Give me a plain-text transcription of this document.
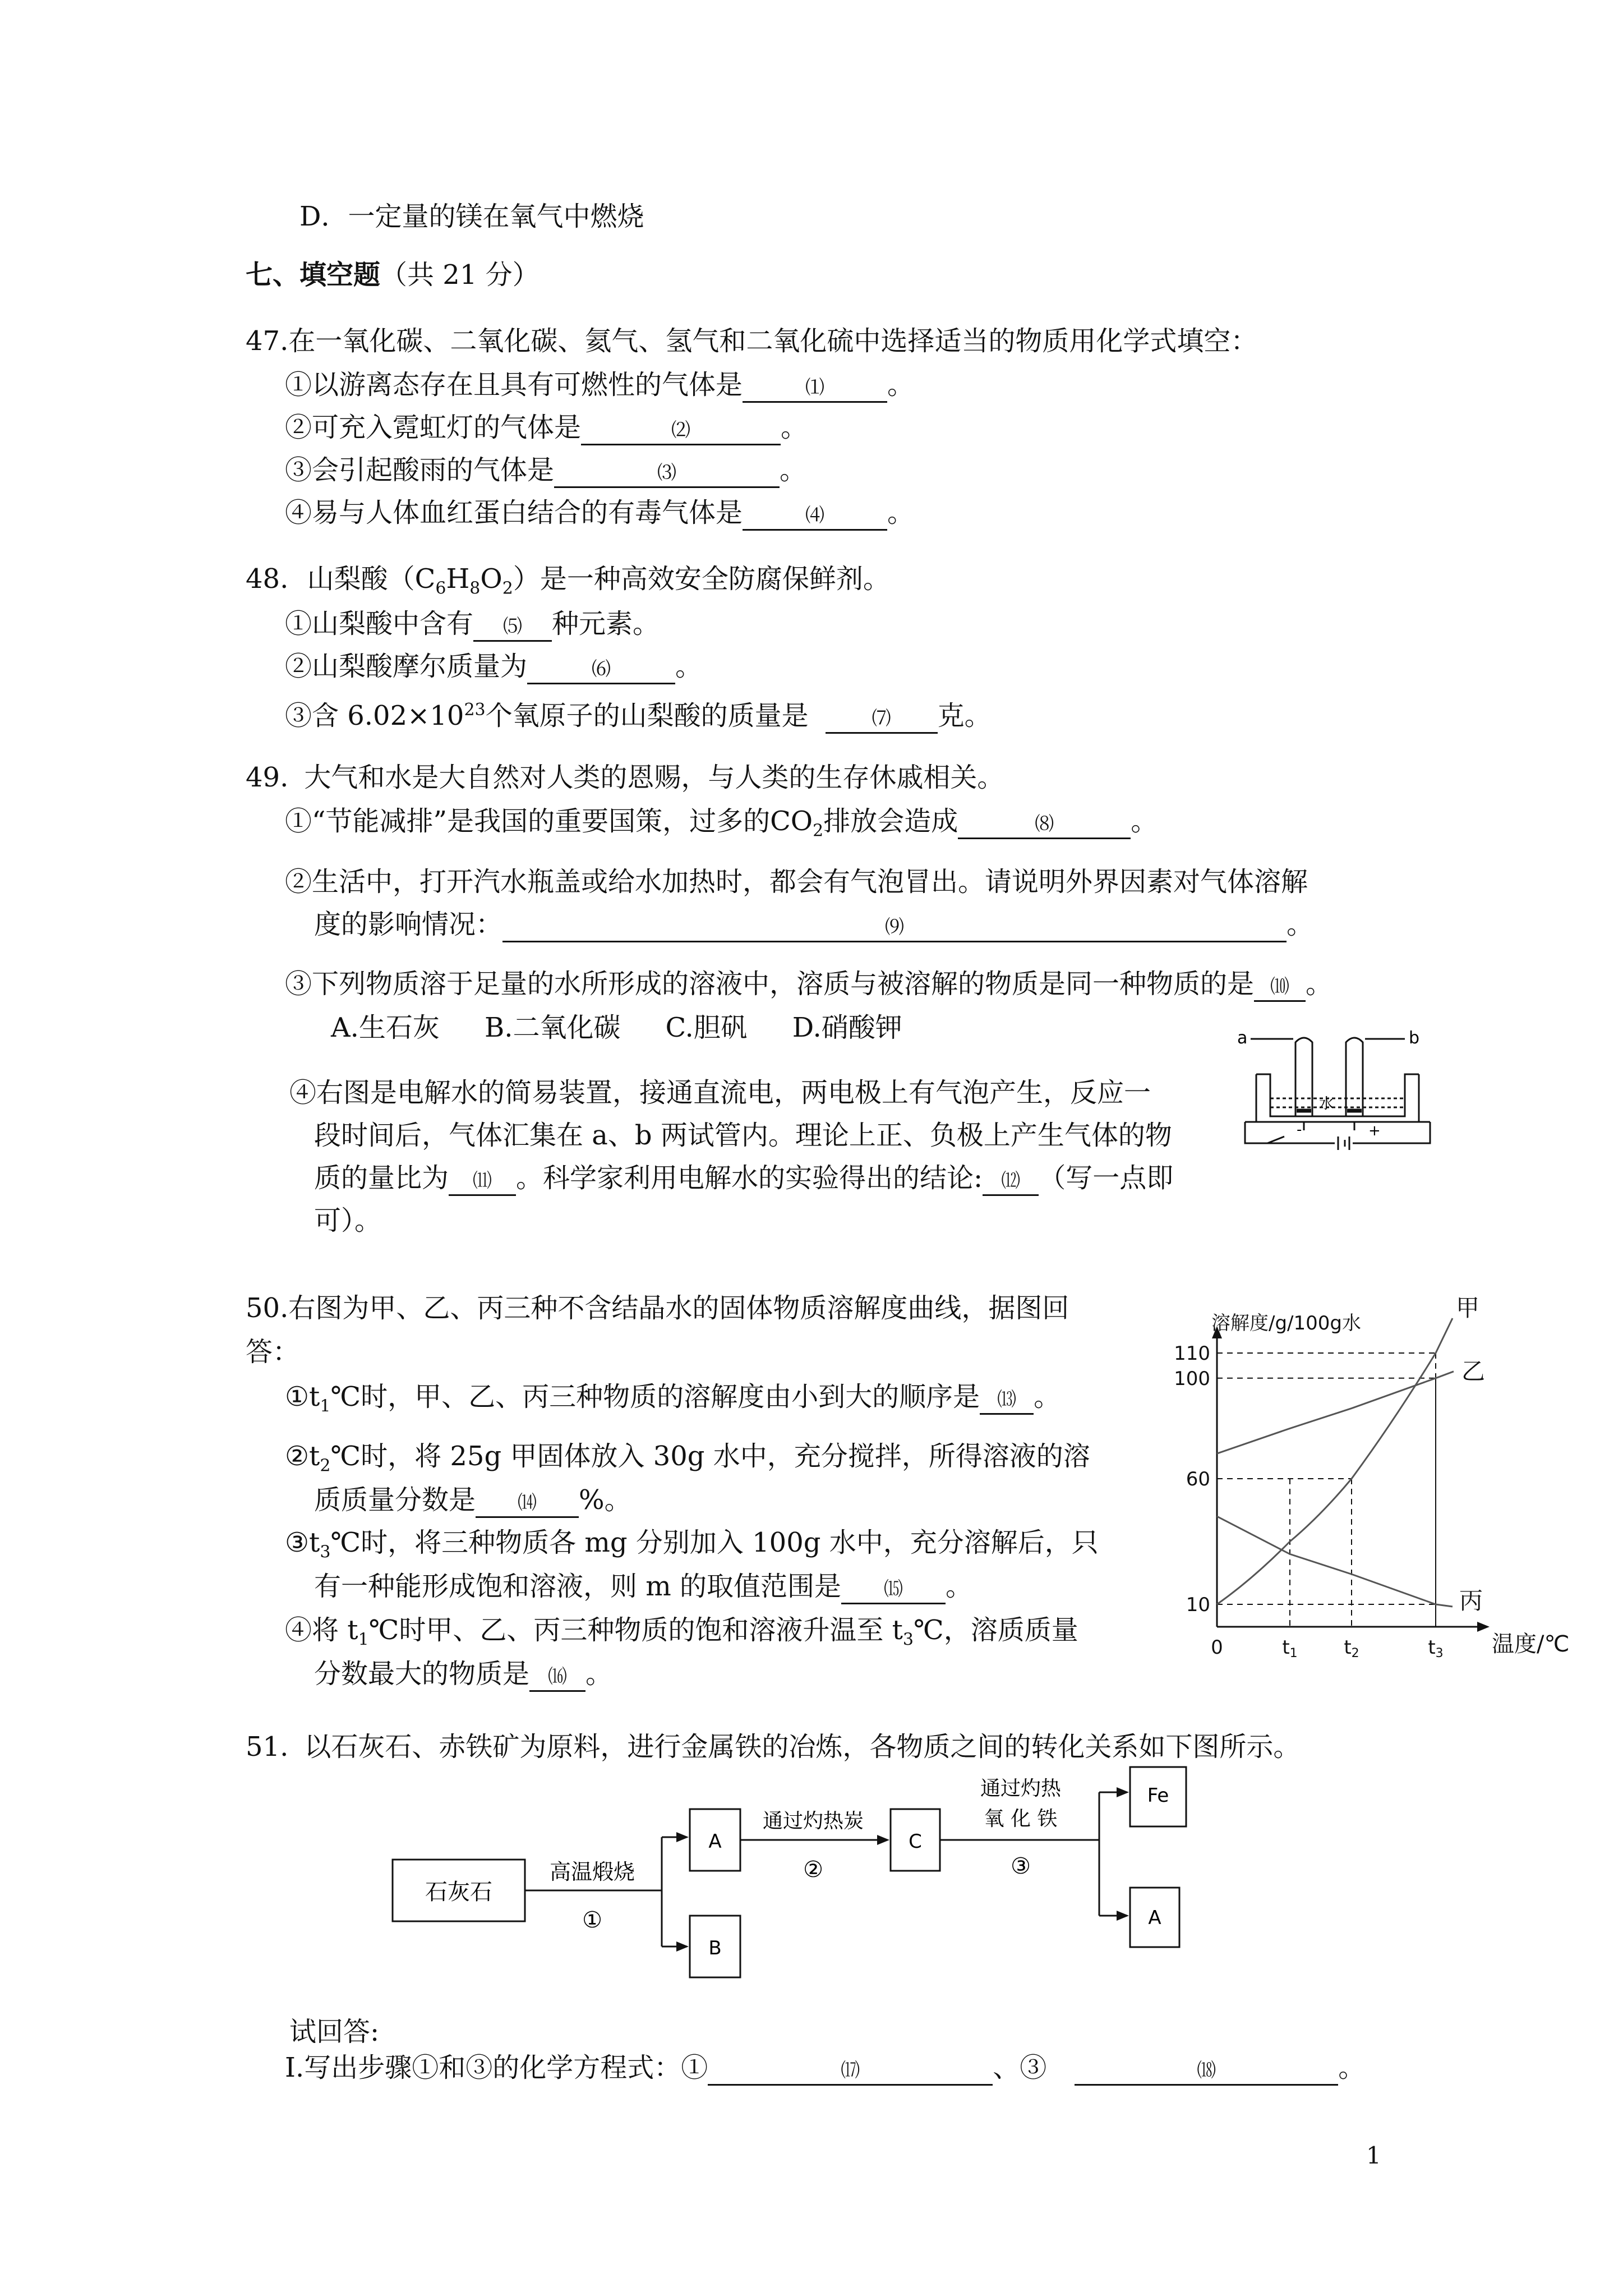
D．一定量的镁在氧气中燃烧
七、填空题（共 21 分）
47.在一氧化碳、二氧化碳、氦气、氢气和二氧化硫中选择适当的物质用化学式填空：
①以游离态存在且具有可燃性的气体是	⑴ 。
②可充入霓虹灯的气体是	⑵	。
③会引起酸雨的气体是	⑶	。
④易与人体血红蛋白结合的有毒气体是	⑷ 。
48. 山梨酸$(C_6H_8O_2)$是一种高效安全防腐保鲜剂。
①山梨酸中含有 ⑸ 种元素。
②山梨酸摩尔质量为	⑹ 。
③含 $6.02\times 10^{23}$个氧原子的山梨酸的质量是	⑺ 克。
49. 大气和水是大自然对人类的恩赐，与人类的生存休戚相关。
①“节能减排”是我国的重要国策，过多的$CO_2$排放会造成	⑻	。
②生活中，打开汽水瓶盖或给水加热时，都会有气泡冒出。请说明外界因素对气体溶解
度的影响情况：	⑼	。
③下列物质溶于足量的水所形成的溶液中，溶质与被溶解的物质是同一种物质的是 ⑽ 。
A.生石灰 B.二氧化碳 C.胆矾 D.硝酸钾
④右图是电解水的简易装置，接通直流电，两电极上有气泡产生，反应一
段时间后，气体汇集在 a、b 两试管内。理论上正、负极上产生气体的物
质的量比为 ⑾ 。科学家利用电解水的实验得出的结论: ⑿ （写一点即
可）。
a	b
水
-	+
50.右图为甲、乙、丙三种不含结晶水的固体物质溶解度曲线，据图回
答：
$①t_1℃$时，甲、乙、丙三种物质的溶解度由小到大的顺序是 ⒀ 。
$②t_2℃$时，将 25g 甲固体放入 30g 水中，充分搅拌，所得溶液的溶
质质量分数是 ⒁ %。
$③t_3℃$时，将三种物质各 mg 分别加入 100g 水中，充分溶解后，只
有一种能形成饱和溶液，则 m 的取值范围是 ⒂ 。
④将 $t_1℃$时甲、乙、丙三种物质的饱和溶液升温至 $t_3℃$，溶质质量
分数最大的物质是 ⒃ 。
溶解度/g/100g水
温度/℃
0	t1 t2	t3
10
60
100
110
甲
乙
丙
51. 以石灰石、赤铁矿为原料，进行金属铁的冶炼，各物质之间的转化关系如下图所示。
石灰石
高温煅烧
①
A
B
通过灼热炭
②
C
通过灼热
氧 化 铁
③
Fe
A
试回答:
Ⅰ.写出步骤①和③的化学方程式：①	⒄	、③	⒅	。
1
